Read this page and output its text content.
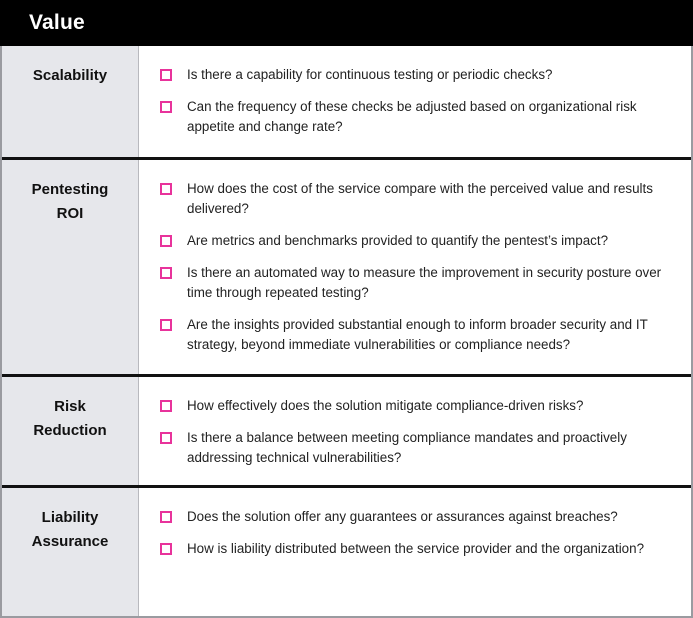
Value
Scalability	Is there a capability for continuous testing or periodic checks?
Can the frequency of these checks be adjusted based on organizational risk appetite and change rate?
Pentesting
ROI
How does the cost of the service compare with the perceived value and results delivered?
Are metrics and benchmarks provided to quantify the pentest’s impact?
Is there an automated way to measure the improvement in security posture over time through repeated testing?
Are the insights provided substantial enough to inform broader security and IT strategy, beyond immediate vulnerabilities or compliance needs?
Risk
Reduction
How effectively does the solution mitigate compliance-driven risks?
Is there a balance between meeting compliance mandates and proactively addressing technical vulnerabilities?
Liability
Assurance
Does the solution offer any guarantees or assurances against breaches?
How is liability distributed between the service provider and the organization?
